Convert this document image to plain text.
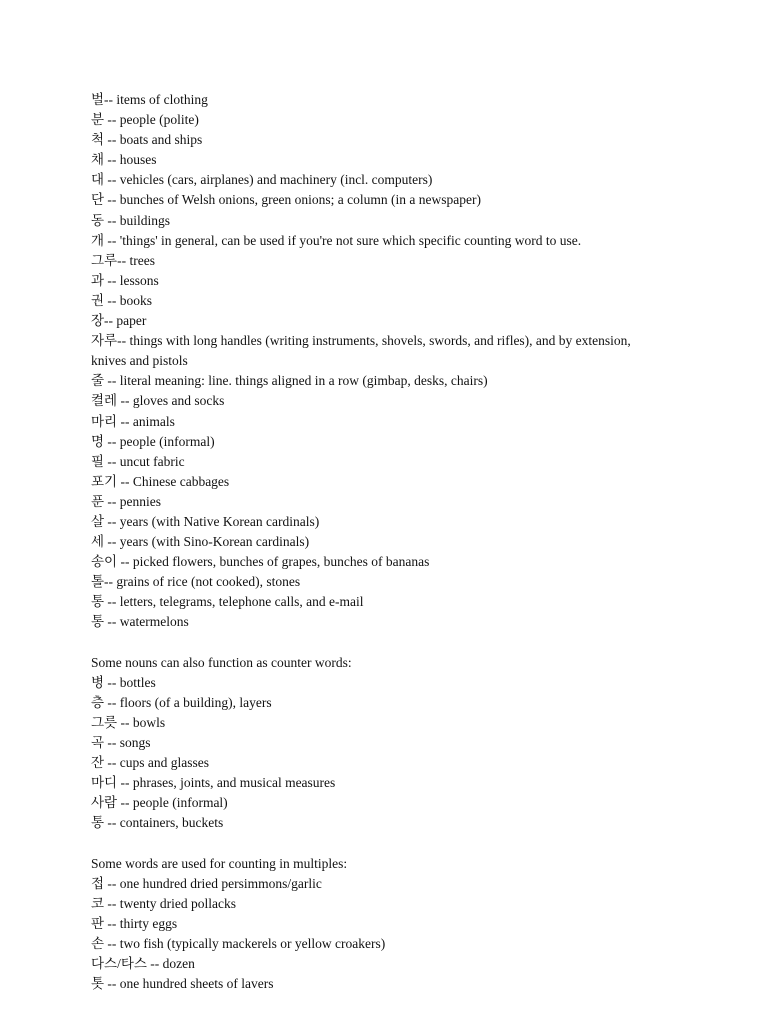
벌-- items of clothing
분 -- people (polite)
척 -- boats and ships
채 -- houses
대 -- vehicles (cars, airplanes) and machinery (incl. computers)
단 -- bunches of Welsh onions, green onions; a column (in a newspaper)
동 -- buildings
개 -- 'things' in general, can be used if you're not sure which specific counting word to use.
그루-- trees
과 -- lessons
권 -- books
장-- paper
자루-- things with long handles (writing instruments, shovels, swords, and rifles), and by extension, knives and pistols
줄 -- literal meaning: line. things aligned in a row (gimbap, desks, chairs)
켤레 -- gloves and socks
마리 -- animals
명 -- people (informal)
필 -- uncut fabric
포기 -- Chinese cabbages
푼 -- pennies
살 -- years (with Native Korean cardinals)
세 -- years (with Sino-Korean cardinals)
송이 -- picked flowers, bunches of grapes, bunches of bananas
톨-- grains of rice (not cooked), stones
통 -- letters, telegrams, telephone calls, and e-mail
통 -- watermelons
Some nouns can also function as counter words:
병 -- bottles
층 -- floors (of a building), layers
그릇 -- bowls
곡 -- songs
잔 -- cups and glasses
마디 -- phrases, joints, and musical measures
사람 -- people (informal)
통 -- containers, buckets
Some words are used for counting in multiples:
접 -- one hundred dried persimmons/garlic
코 -- twenty dried pollacks
판 -- thirty eggs
손 -- two fish (typically mackerels or yellow croakers)
다스/타스 -- dozen
톳 -- one hundred sheets of lavers
